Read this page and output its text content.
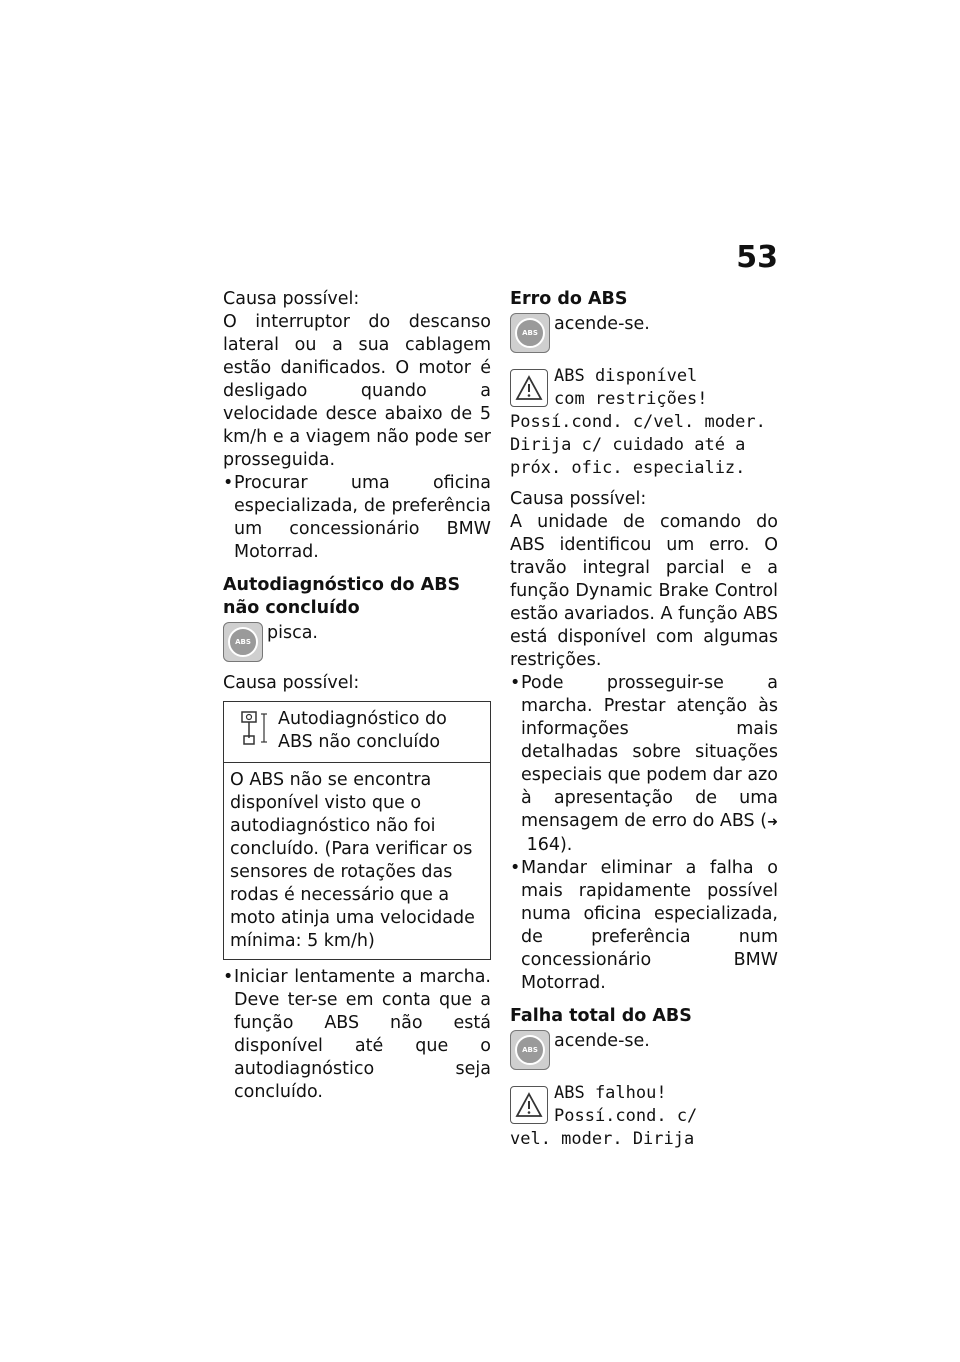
53

Causa possível:

O interruptor do descanso lateral ou a sua cablagem estão danificados. O motor é desligado quando a velocidade desce abaixo de 5 km/h e a viagem não pode ser prosseguida.

• Procurar uma oficina especializada, de preferência um concessionário BMW Motorrad.

Autodiagnóstico do ABS não concluído

ABS pisca.

Causa possível:

Autodiagnóstico do ABS não concluído
O ABS não se encontra disponível visto que o autodiagnóstico não foi concluído. (Para verificar os sensores de rotações das rodas é necessário que a moto atinja uma velocidade mínima: 5 km/h)

• Iniciar lentamente a marcha. Deve ter-se em conta que a função ABS não está disponível até que o autodiagnóstico seja concluído.

Erro do ABS

ABS acende-se.
ABS disponível
com restrições!
Possí.cond. c/vel. moder. Dirija c/ cuidado até a próx. ofic. especializ.

Causa possível:

A unidade de comando do ABS identificou um erro. O travão integral parcial e a função Dynamic Brake Control estão avariados. A função ABS está disponível com algumas restrições.

• Pode prosseguir-se a marcha. Prestar atenção às informações mais detalhadas sobre situações especiais que podem dar azo à apresentação de uma mensagem de erro do ABS (➜ 164).

• Mandar eliminar a falha o mais rapidamente possível numa oficina especializada, de preferência num concessionário BMW Motorrad.

Falha total do ABS

ABS acende-se.
ABS falhou!
Possí.cond. c/
vel. moder. Dirija
